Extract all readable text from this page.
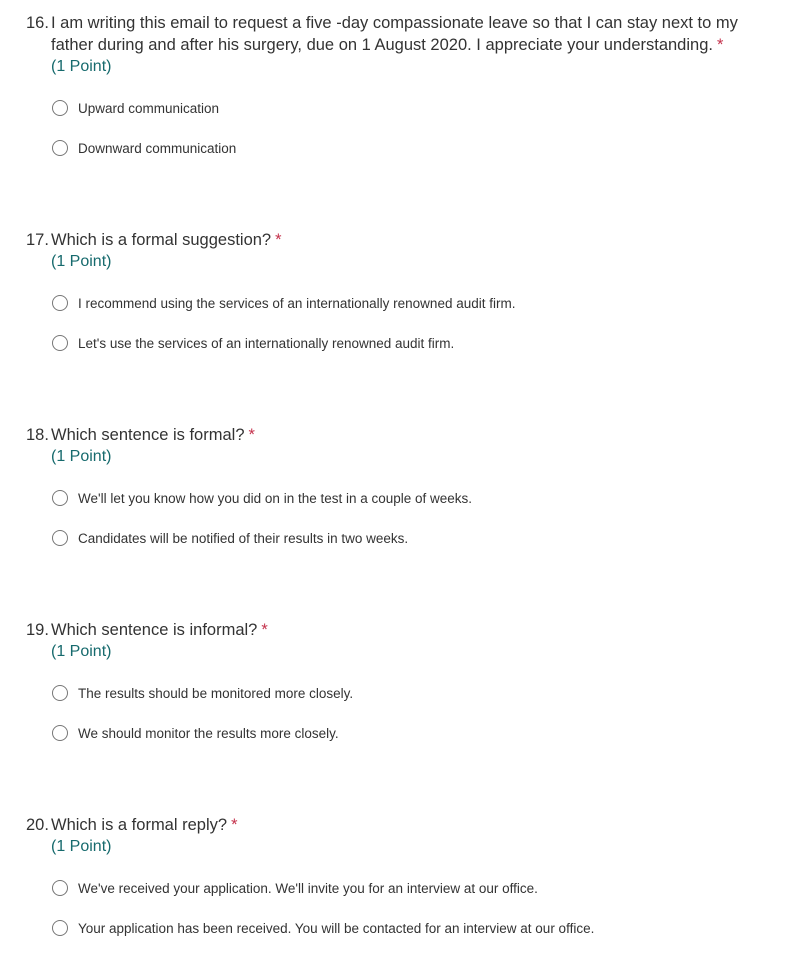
16. I am writing this email to request a five -day compassionate leave so that I can stay next to my father during and after his surgery, due on 1 August 2020. I appreciate your understanding. *
(1 Point)
Upward communication
Downward communication
17. Which is a formal suggestion? *
(1 Point)
I recommend using the services of an internationally renowned audit firm.
Let's use the services of an internationally renowned audit firm.
18. Which sentence is formal? *
(1 Point)
We'll let you know how you did on in the test in a couple of weeks.
Candidates will be notified of their results in two weeks.
19. Which sentence is informal? *
(1 Point)
The results should be monitored more closely.
We should monitor the results more closely.
20. Which is a formal reply? *
(1 Point)
We've received your application. We'll invite you for an interview at our office.
Your application has been received. You will be contacted for an interview at our office.
